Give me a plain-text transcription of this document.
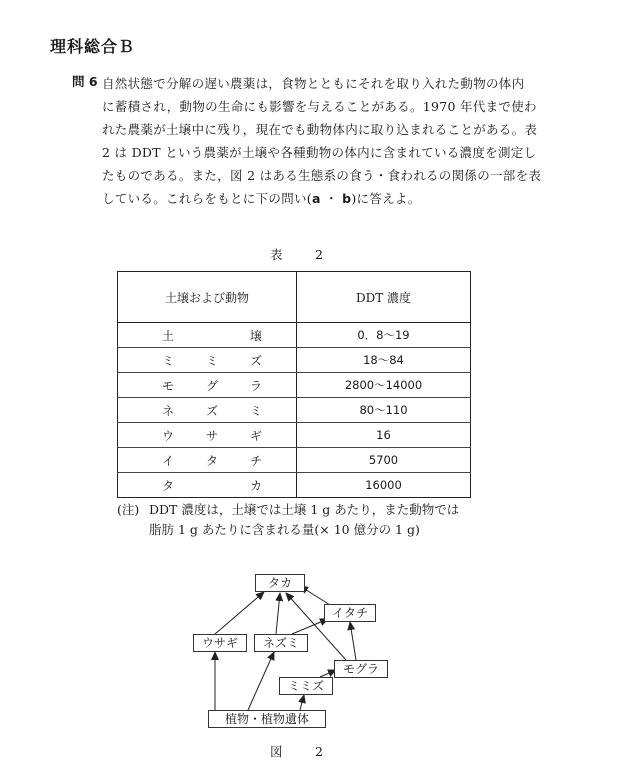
理科総合Ｂ
問 6 自然状態で分解の遅い農薬は，食物とともにそれを取り入れた動物の体内
に蓄積され，動物の生命にも影響を与えることがある。1970 年代まで使わ
れた農薬が土壌中に残り，現在でも動物体内に取り込まれることがある。表
2 は DDT という農薬が土壌や各種動物の体内に含まれている濃度を測定し
たものである。また，図 2 はある生態系の食う・食われるの関係の一部を表
している。これらをもとに下の問い(a ・ b)に答えよ。

表　2
土壌および動物	DDT 濃度

土壌	0．8〜19

ミミズ	18〜84

モグラ	2800〜14000

ネズミ	80〜110

ウサギ	16

イタチ	5700

タカ	16000
(注) DDT 濃度は，土壌では土壌 1 g あたり，また動物では
脂肪 1 g あたりに含まれる量(× 10 億分の 1 g)
タカ
イタチ
ウサギ	ネズミ
モグラ
ミミズ
植物・植物遺体
図　2
